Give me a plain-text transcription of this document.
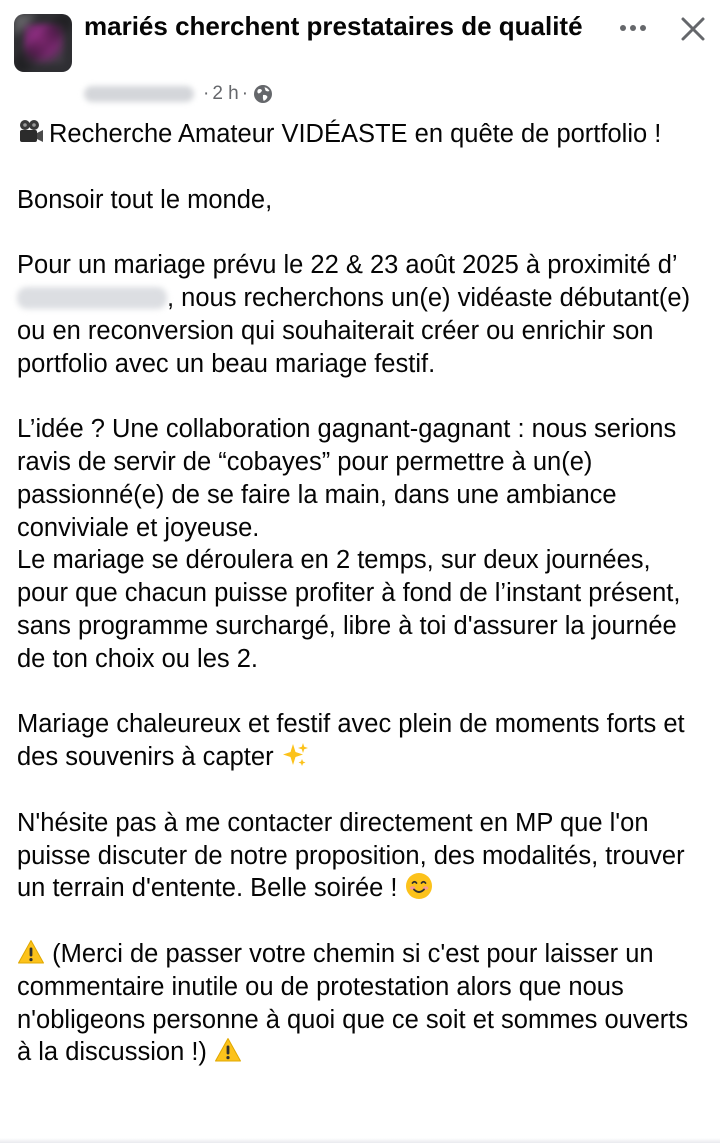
mariés cherchent prestataires de qualité
· 2 h ·

Recherche Amateur VIDÉASTE en quête de portfolio !

Bonsoir tout le monde,

Pour un mariage prévu le 22 & 23 août 2025 à proximité d’, nous recherchons un(e) vidéaste débutant(e) ou en reconversion qui souhaiterait créer ou enrichir son portfolio avec un beau mariage festif.

L’idée ? Une collaboration gagnant-gagnant : nous serions ravis de servir de “cobayes” pour permettre à un(e) passionné(e) de se faire la main, dans une ambiance conviviale et joyeuse.

Le mariage se déroulera en 2 temps, sur deux journées, pour que chacun puisse profiter à fond de l’instant présent, sans programme surchargé, libre à toi d'assurer la journée de ton choix ou les 2.

Mariage chaleureux et festif avec plein de moments forts et des souvenirs à capter

N'hésite pas à me contacter directement en MP que l'on puisse discuter de notre proposition, des modalités, trouver un terrain d'entente. Belle soirée !

(Merci de passer votre chemin si c'est pour laisser un commentaire inutile ou de protestation alors que nous n'obligeons personne à quoi que ce soit et sommes ouverts à la discussion !)
